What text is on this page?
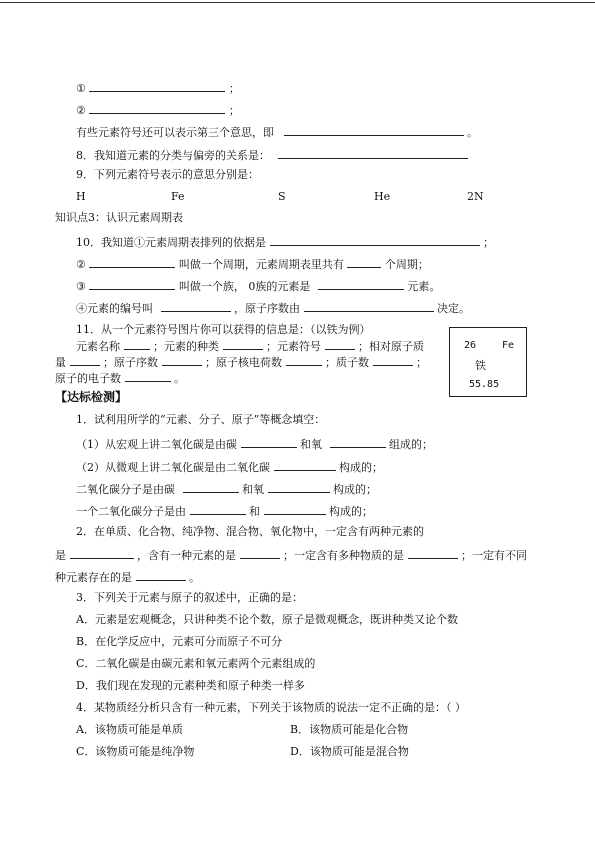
①	；
②	；
有些元素符号还可以表示第三个意思，即	。
8．我知道元素的分类与偏旁的关系是：
9．下列元素符号表示的意思分别是：
H	Fe	S	He	2N
知识点3：认识元素周期表
10．我知道①元素周期表排列的依据是	；
②	叫做一个周期，元素周期表里共有	个周期；
③	叫做一个族， 0族的元素是	元素。
④元素的编号叫	，原子序数由	决定。
11．从一个元素符号图片你可以获得的信息是：（以铁为例）
元素名称	；元素的种类	；元素符号	；相对原子质
量	；原子序数	；原子核电荷数	；质子数	；
原子的电子数	。
26	Fe
铁
55.85
【达标检测】
1．试利用所学的“元素、分子、原子”等概念填空：
（1）从宏观上讲二氧化碳是由碳	和氧	组成的；
（2）从微观上讲二氧化碳是由二氧化碳	构成的；
二氧化碳分子是由碳	和氧	构成的；
一个二氧化碳分子是由	和	构成的；
2．在单质、化合物、纯净物、混合物、氧化物中，一定含有两种元素的
是	，含有一种元素的是	；一定含有多种物质的是	；一定有不同
种元素存在的是	。
3．下列关于元素与原子的叙述中，正确的是：
A．元素是宏观概念，只讲种类不论个数，原子是微观概念，既讲种类又论个数
B．在化学反应中，元素可分而原子不可分
C．二氧化碳是由碳元素和氧元素两个元素组成的
D．我们现在发现的元素种类和原子种类一样多
4．某物质经分析只含有一种元素，下列关于该物质的说法一定不正确的是：（ ）
A．该物质可能是单质	B．该物质可能是化合物
C．该物质可能是纯净物	D．该物质可能是混合物
